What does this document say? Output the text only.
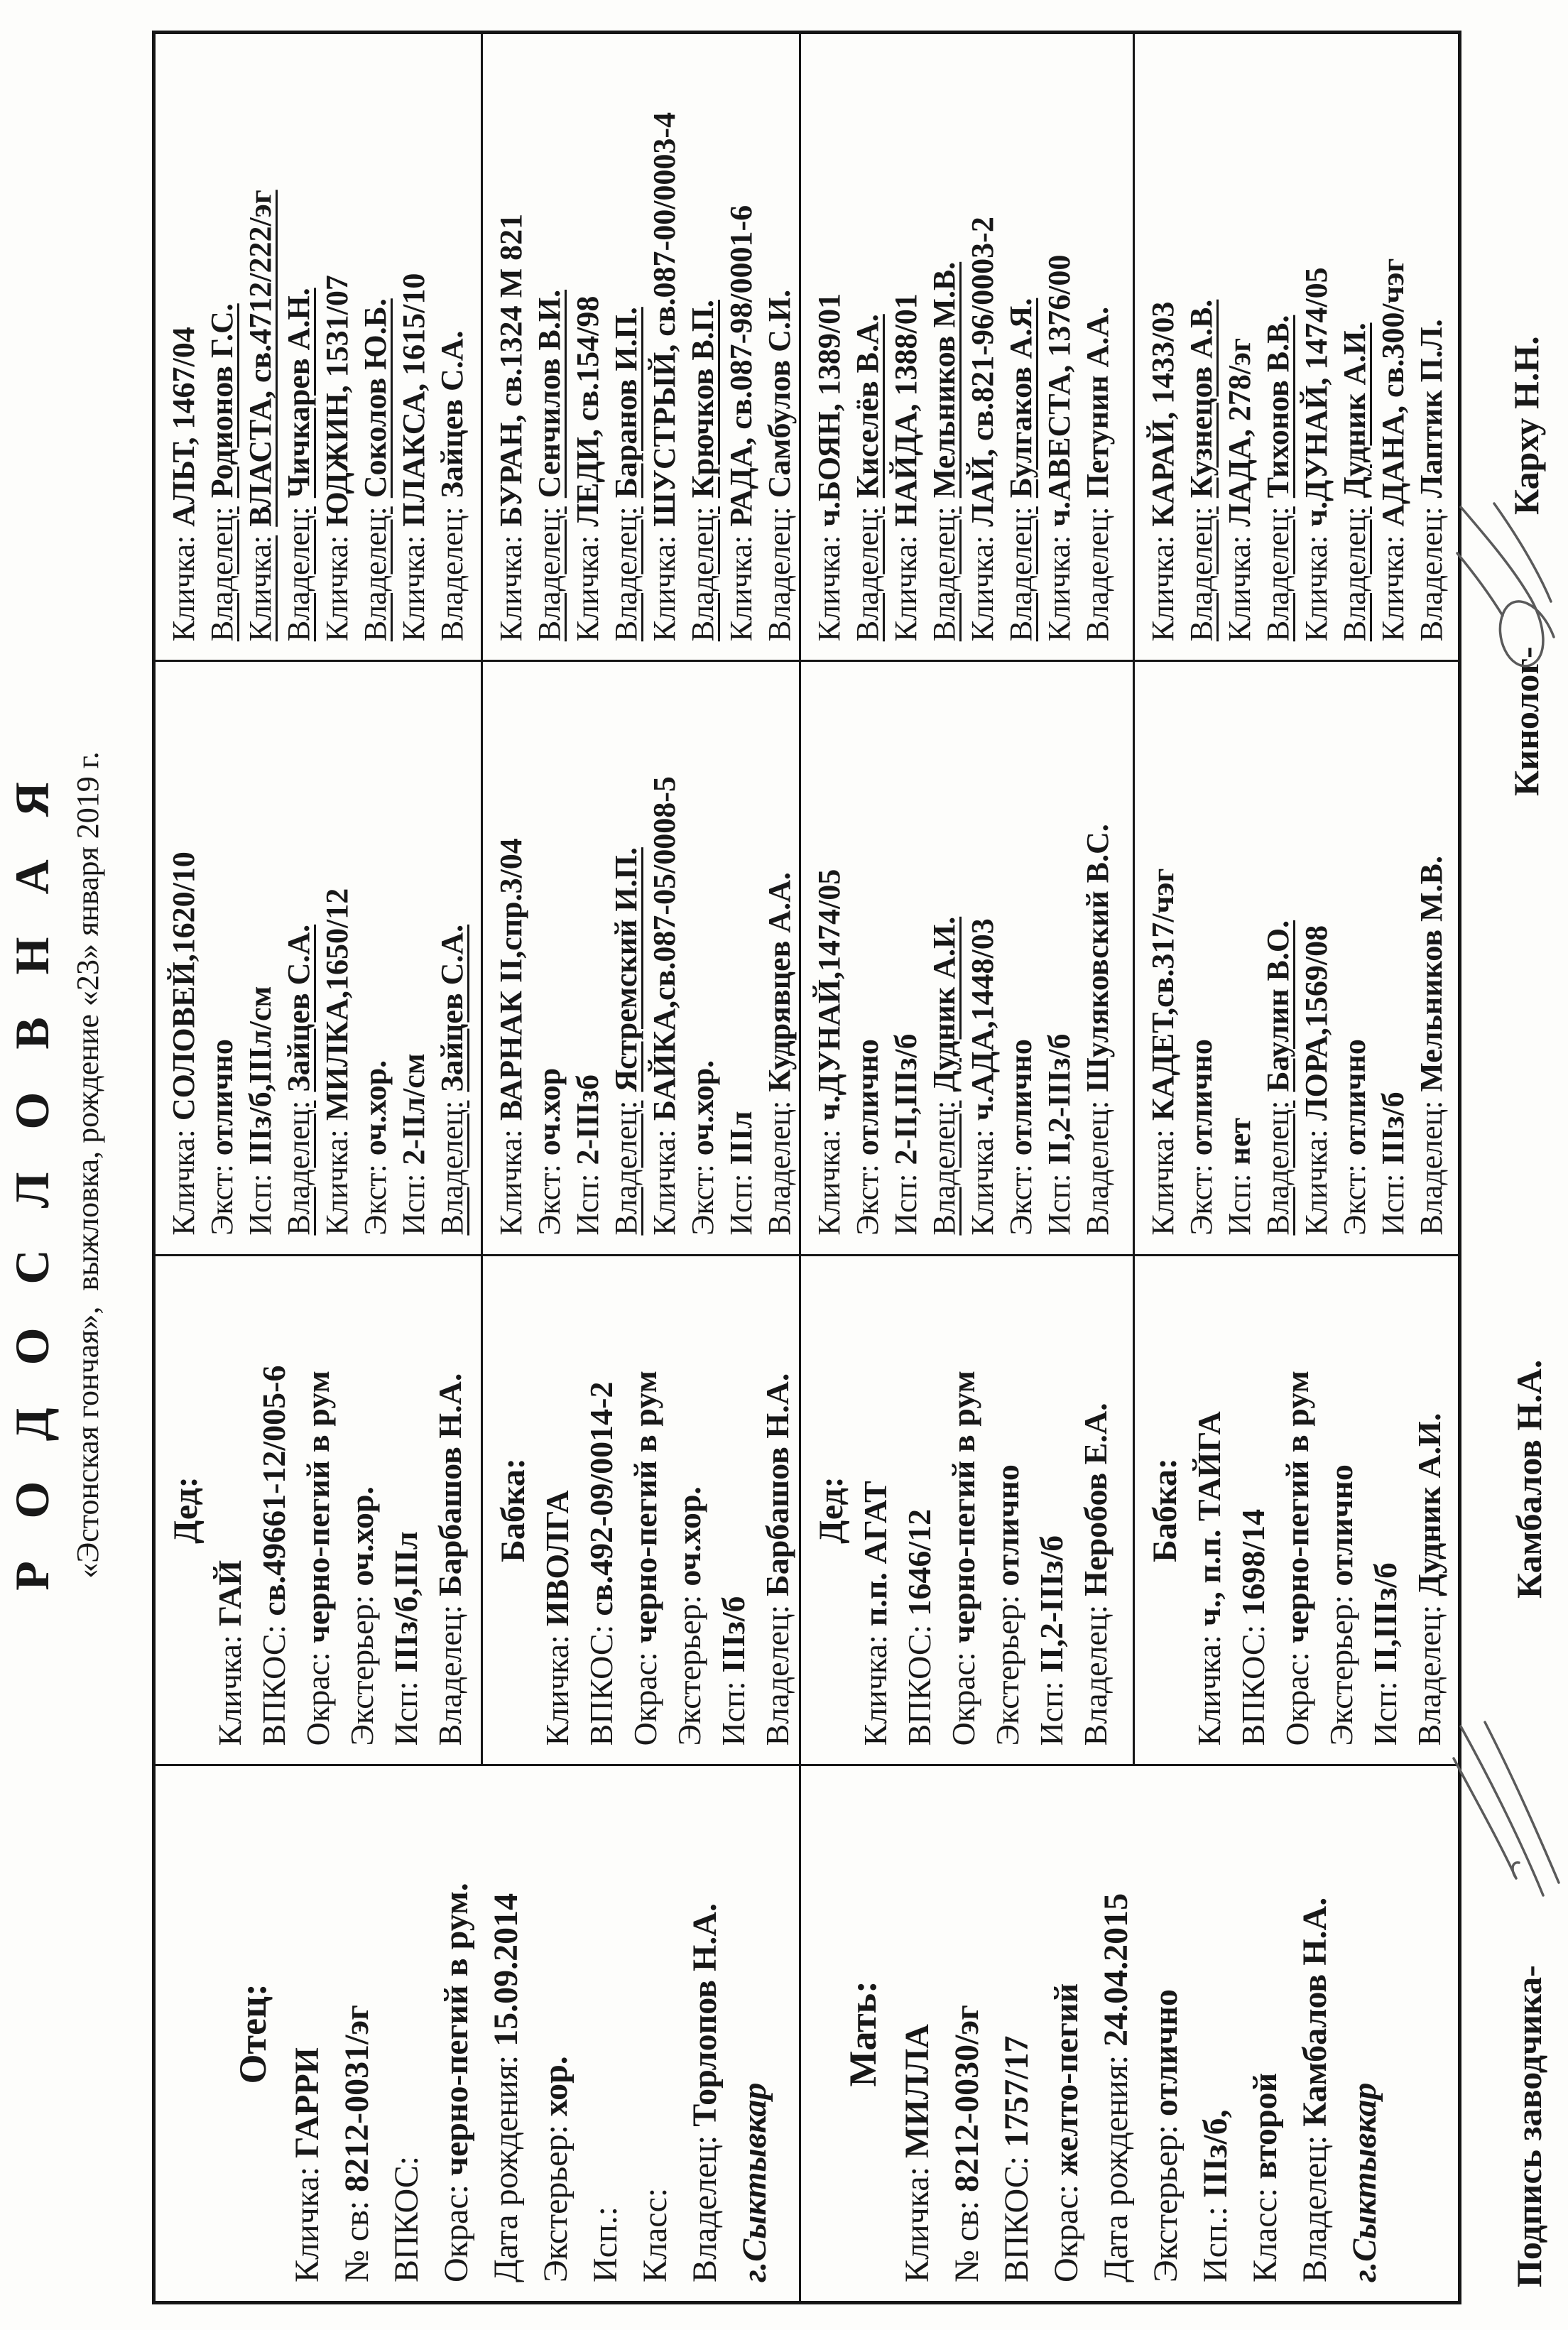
РОДОСЛОВНАЯ «Эстонская гончая»,  выжловка, рождение «23» января 2019 г.
Отец:
Кличка:ГАРРИ
№ св:8212-0031/эг
ВПКОС: Окрас:черно-пегий в рум. Дата рождения:15.09.2014
Экстерьер:хор.
Исп.: Класс: Владелец:Торлопов Н.А.
г.Сыктывкар
Мать:
Кличка:МИЛЛА
№ св:8212-0030/эг
ВПКОС:1757/17
Окрас:желто-пегий Дата рождения:24.04.2015
Экстерьер:отлично
Исп.:IIIз/б,
Класс:второй
Владелец:Камбалов Н.А.
г.Сыктывкар
Дед:
Кличка:ГАЙ
ВПКОС:св.49661-12/005-6
Окрас:черно-пегий в рум
Экстерьер:оч.хор.
Исп:IIIз/б,IIIл
Владелец:Барбашов Н.А. Бабка:
Кличка:ИВОЛГА
ВПКОС:св.492-09/0014-2
Окрас:черно-пегий в рум
Экстерьер:оч.хор.
Исп:IIIз/б Владелец:Барбашов Н.А. Дед:
Кличка:п.п. АГАТ
ВПКОС:1646/12
Окрас:черно-пегий в рум
Экстерьер:отлично
Исп:II,2-IIIз/б
Владелец:Неробов Е.А. Бабка:
Кличка:ч., п.п. ТАЙГА
ВПКОС:1698/14
Окрас:черно-пегий в рум
Экстерьер:отлично
Исп:II,IIIз/б Владелец:Дудник А.И.
Кличка:СОЛОВЕЙ,1620/10
Экст:отлично
Исп:IIIз/б,IIIл/см
Владелец:Зайцев С.А.
Кличка:МИЛКА,1650/12
Экст:оч.хор.
Исп:2-IIл/см Владелец:Зайцев С.А.
Кличка:ВАРНАК II,спр.3/04
Экст:оч.хор
Исп:2-IIIзб Владелец:Ястремский И.П.
Кличка:БАЙКА,св.087-05/0008-5
Экст:оч.хор.
Исп:IIIл Владелец:Кудрявцев А.А.
Кличка:ч.ДУНАЙ,1474/05
Экст:отлично
Исп:2-II,IIIз/б
Владелец:Дудник А.И.
Кличка:ч.АДА,1448/03
Экст:отлично
Исп:II,2-IIIз/б
Владелец:Шуляковский В.С.
Кличка:КАДЕТ,св.317/чэг
Экст:отлично
Исп:нет Владелец:Баулин В.О.
Кличка:ЛОРА,1569/08
Экст:отлично
Исп:IIIз/б Владелец:Мельников М.В.
Кличка:АЛЬТ, 1467/04
Владелец:Родионов Г.С.
Кличка:ВЛАСТА, св.4712/222/эг
Владелец:Чичкарев А.Н.
Кличка:ЮДЖИН, 1531/07
Владелец:Соколов Ю.Б.
Кличка:ПЛАКСА, 1615/10
Владелец:Зайцев С.А.
Кличка:БУРАН, св.1324 М 821
Владелец:Сенчилов В.И.
Кличка:ЛЕДИ, св.154/98
Владелец:Баранов И.П.
Кличка:ШУСТРЫЙ, св.087-00/0003-4
Владелец:Крючков В.П.
Кличка:РАДА, св.087-98/0001-6
Владелец:Самбулов С.И.
Кличка:ч.БОЯН, 1389/01
Владелец:Киселёв В.А.
Кличка:НАЙДА, 1388/01
Владелец:Мельников М.В.
Кличка:ЛАЙ, св.821-96/0003-2
Владелец:Булгаков А.Я.
Кличка:ч.АВЕСТА, 1376/00
Владелец:Петунин А.А.
Кличка:КАРАЙ, 1433/03
Владелец:Кузнецов А.В.
Кличка:ЛАДА, 278/эг
Владелец:Тихонов В.В.
Кличка:ч.ДУНАЙ, 1474/05
Владелец:Дудник А.И.
Кличка:АДАНА, св.300/чэг
Владелец:Лаптик П.Л.
Подпись заводчика-
Камбалов Н.А.
Кинолог-
Карху Н.Н.
